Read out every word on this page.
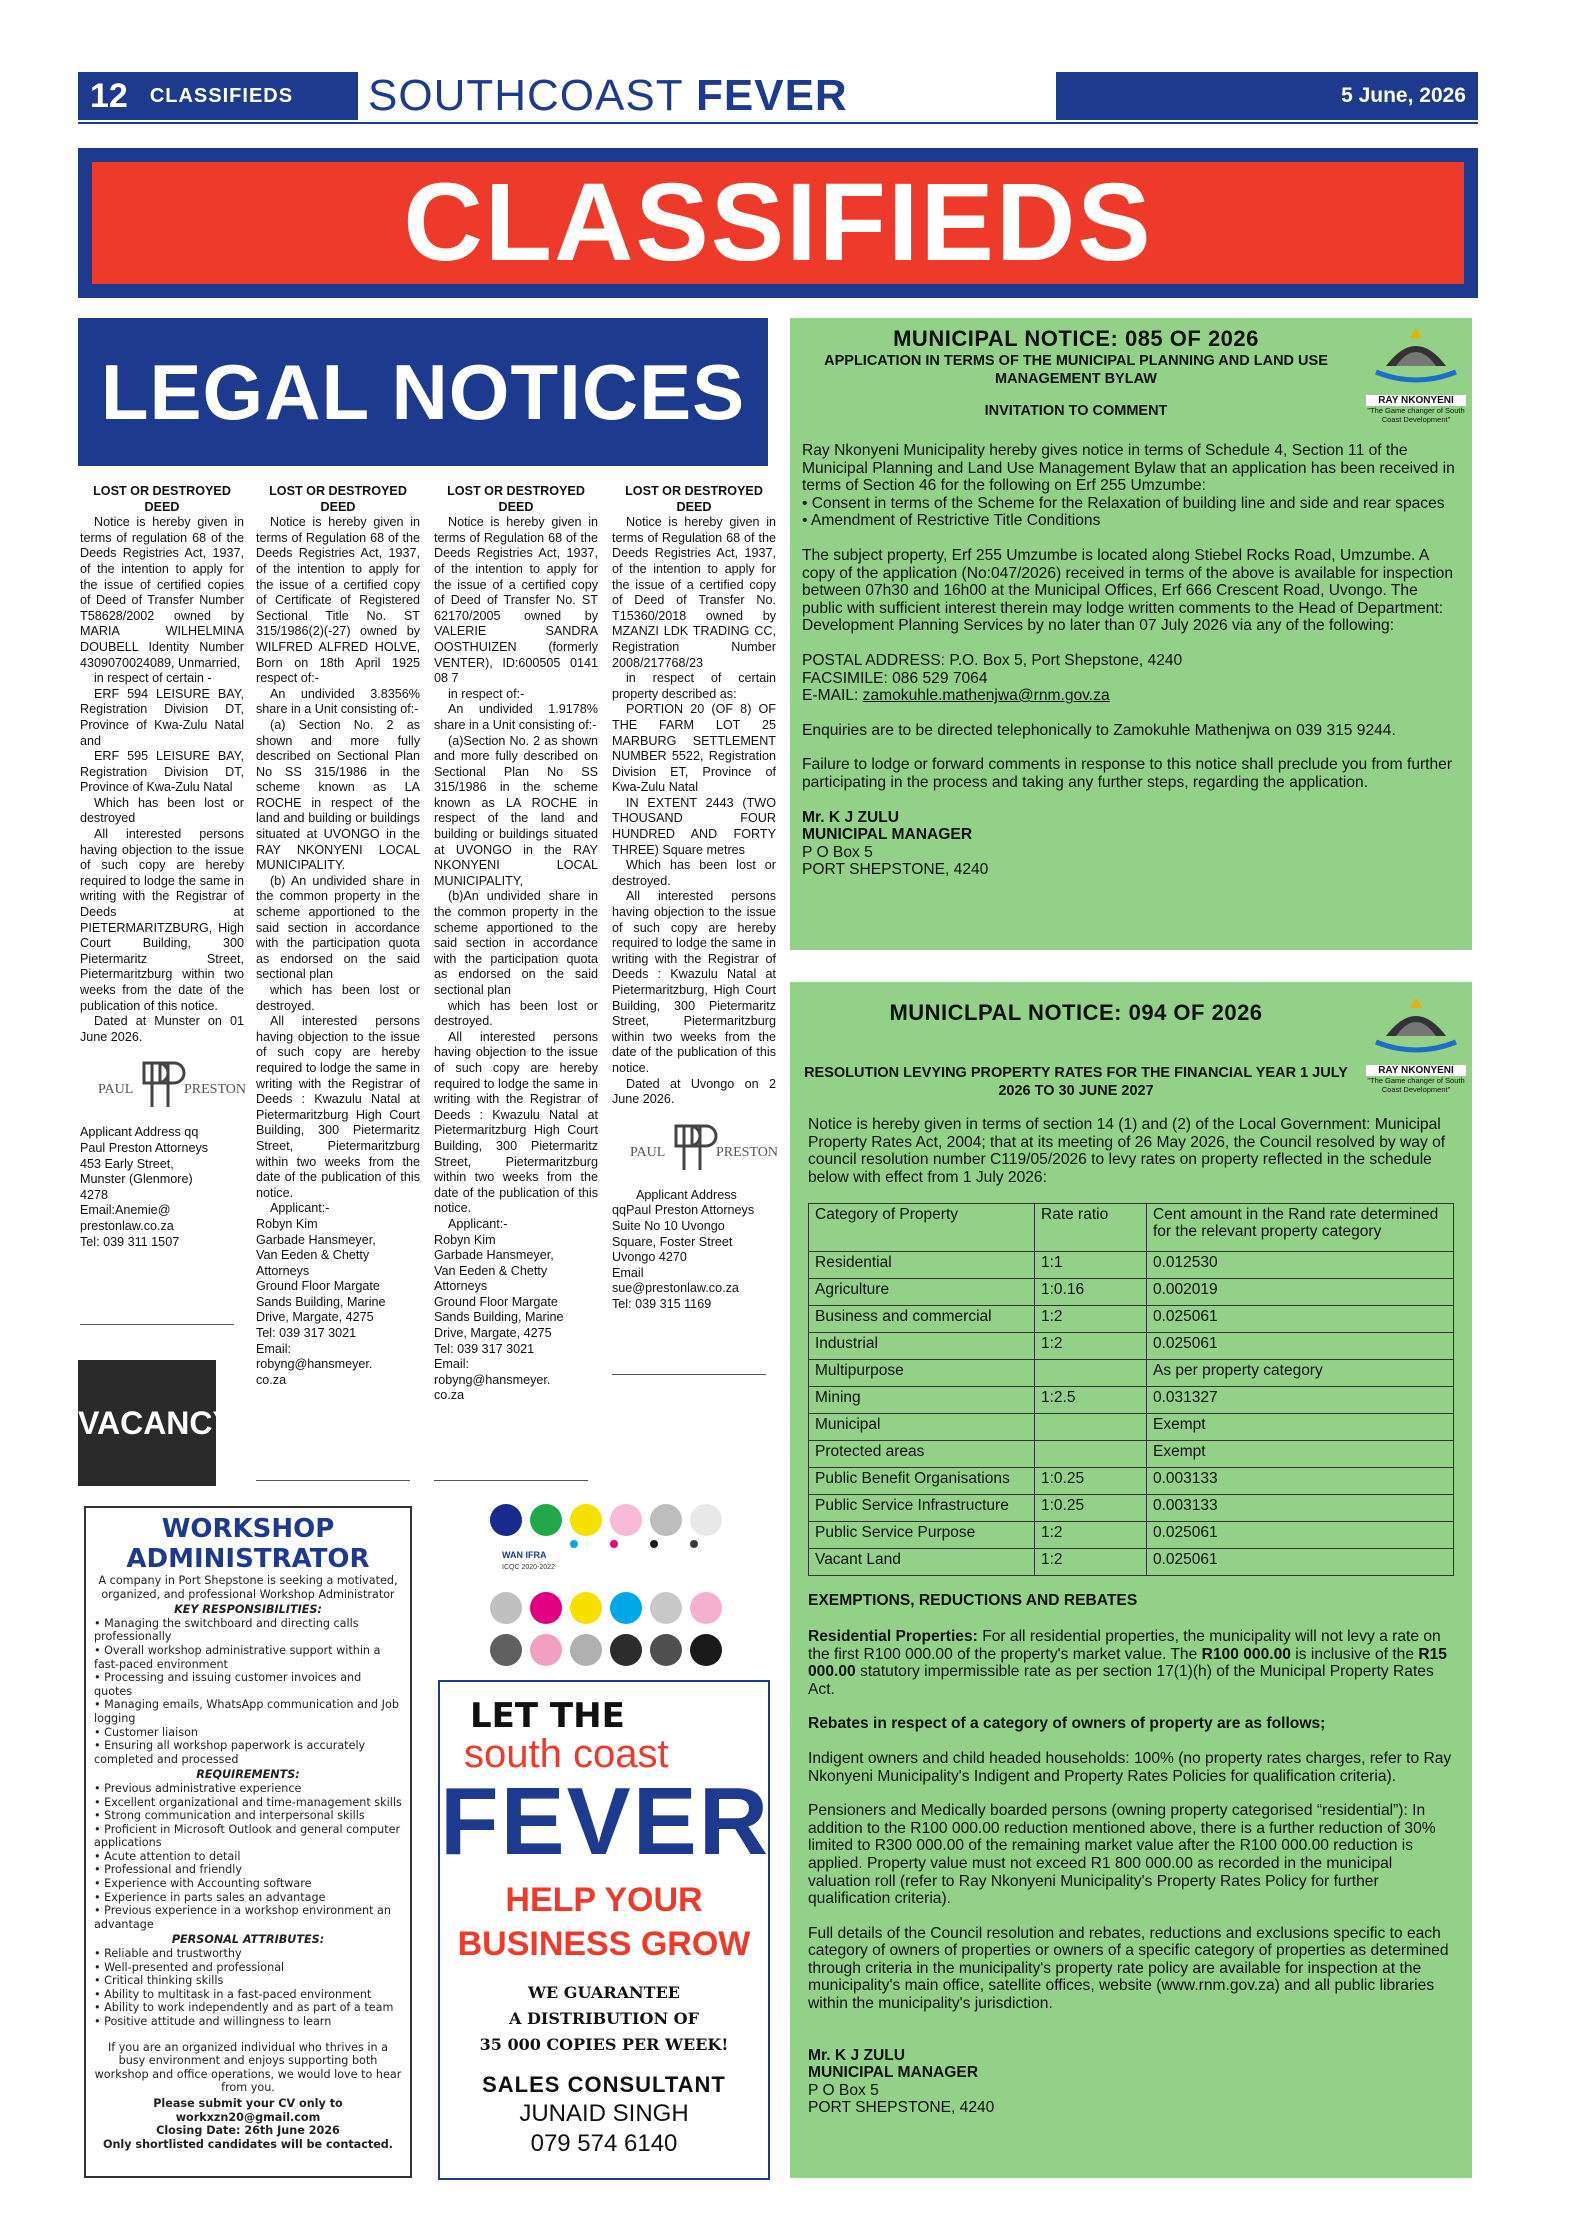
12 CLASSIFIEDS SOUTHCOAST FEVER	5 June, 2026
CLASSIFIEDS
LEGAL NOTICES
LOST OR DESTROYED DEED

Notice is hereby given in terms of regulation 68 of the Deeds Registries Act, 1937, of the intention to apply for the issue of certified copies of Deed of Transfer Number T58628/2002 owned by MARIA WILHELMINA DOUBELL Identity Number 4309070024089, Unmarried,

in respect of certain -

ERF 594 LEISURE BAY, Registration Division DT, Province of Kwa-Zulu Natal and

ERF 595 LEISURE BAY, Registration Division DT, Province of Kwa-Zulu Natal

Which has been lost or destroyed

All interested persons having objection to the issue of such copy are hereby required to lodge the same in writing with the Registrar of Deeds at PIETERMARITZBURG, High Court Building, 300 Pietermaritz Street, Pietermaritzburg within two weeks from the date of the publication of this notice.

Dated at Munster on 01 June 2026.

PAUL	PRESTON
Applicant Address qq
Paul Preston Attorneys
453 Early Street,
Munster (Glenmore)
4278
Email:Anemie@
prestonlaw.co.za
Tel: 039 311 1507
LOST OR DESTROYED DEED

Notice is hereby given in terms of Regulation 68 of the Deeds Registries Act, 1937, of the intention to apply for the issue of a certified copy of Certificate of Registered Sectional Title No. ST 315/1986(2)(-27) owned by WILFRED ALFRED HOLVE, Born on 18th April 1925 respect of:-

An undivided 3.8356% share in a Unit consisting of:-

(a) Section No. 2 as shown and more fully described on Sectional Plan No SS 315/1986 in the scheme known as LA ROCHE in respect of the land and building or buildings situated at UVONGO in the RAY NKONYENI LOCAL MUNICIPALITY.

(b) An undivided share in the common property in the scheme apportioned to the said section in accordance with the participation quota as endorsed on the said sectional plan

which has been lost or destroyed.

All interested persons having objection to the issue of such copy are hereby required to lodge the same in writing with the Registrar of Deeds : Kwazulu Natal at Pietermaritzburg High Court Building, 300 Pietermaritz Street, Pietermaritzburg within two weeks from the date of the publication of this notice.

Applicant:-
Robyn Kim
Garbade Hansmeyer,
Van Eeden & Chetty
Attorneys
Ground Floor Margate
Sands Building, Marine
Drive, Margate, 4275
Tel: 039 317 3021
Email:
robyng@hansmeyer.
co.za
LOST OR DESTROYED DEED

Notice is hereby given in terms of Regulation 68 of the Deeds Registries Act, 1937, of the intention to apply for the issue of a certified copy of Deed of Transfer No. ST 62170/2005 owned by VALERIE SANDRA OOSTHUIZEN (formerly VENTER), ID:600505 0141 08 7

in respect of:-

An undivided 1.9178% share in a Unit consisting of:-

(a)Section No. 2 as shown and more fully described on Sectional Plan No SS 315/1986 in the scheme known as LA ROCHE in respect of the land and building or buildings situated at UVONGO in the RAY NKONYENI LOCAL MUNICIPALITY,

(b)An undivided share in the common property in the scheme apportioned to the said section in accordance with the participation quota as endorsed on the said sectional plan

which has been lost or destroyed.

All interested persons having objection to the issue of such copy are hereby required to lodge the same in writing with the Registrar of Deeds : Kwazulu Natal at Pietermaritzburg High Court Building, 300 Pietermaritz Street, Pietermaritzburg within two weeks from the date of the publication of this notice.

Applicant:-
Robyn Kim
Garbade Hansmeyer,
Van Eeden & Chetty
Attorneys
Ground Floor Margate
Sands Building, Marine
Drive, Margate, 4275
Tel: 039 317 3021
Email:
robyng@hansmeyer.
co.za
LOST OR DESTROYED DEED

Notice is hereby given in terms of Regulation 68 of the Deeds Registries Act, 1937, of the intention to apply for the issue of a certified copy of Deed of Transfer No. T15360/2018 owned by MZANZI LDK TRADING CC, Registration Number 2008/217768/23

in respect of certain property described as:

PORTION 20 (OF 8) OF THE FARM LOT 25 MARBURG SETTLEMENT NUMBER 5522, Registration Division ET, Province of Kwa-Zulu Natal

IN EXTENT 2443 (TWO THOUSAND FOUR HUNDRED AND FORTY THREE) Square metres

Which has been lost or destroyed.

All interested persons having objection to the issue of such copy are hereby required to lodge the same in writing with the Registrar of Deeds : Kwazulu Natal at Pietermaritzburg, High Court Building, 300 Pietermaritz Street, Pietermaritzburg within two weeks from the date of the publication of this notice.

Dated at Uvongo on 2 June 2026.

PAUL	PRESTON
Applicant Address
qqPaul Preston Attorneys
Suite No 10 Uvongo
Square, Foster Street
Uvongo 4270
Email
sue@prestonlaw.co.za
Tel: 039 315 1169
MUNICIPAL NOTICE: 085 OF 2026
APPLICATION IN TERMS OF THE MUNICIPAL PLANNING AND LAND USE MANAGEMENT BYLAW
INVITATION TO COMMENT
RAY NKONYENI
"The Game changer of South Coast Development"
Ray Nkonyeni Municipality hereby gives notice in terms of Schedule 4, Section 11 of the Municipal Planning and Land Use Management Bylaw that an application has been received in terms of Section 46 for the following on Erf 255 Umzumbe:
• Consent in terms of the Scheme for the Relaxation of building line and side and rear spaces

• Amendment of Restrictive Title Conditions

The subject property, Erf 255 Umzumbe is located along Stiebel Rocks Road, Umzumbe. A copy of the application (No:047/2026) received in terms of the above is available for inspection between 07h30 and 16h00 at the Municipal Offices, Erf 666 Crescent Road, Uvongo. The public with sufficient interest therein may lodge written comments to the Head of Department: Development Planning Services by no later than 07 July 2026 via any of the following:

POSTAL ADDRESS: P.O. Box 5, Port Shepstone, 4240
FACSIMILE: 086 529 7064

E-MAIL: zamokuhle.mathenjwa@rnm.gov.za

Enquiries are to be directed telephonically to Zamokuhle Mathenjwa on 039 315 9244.

Failure to lodge or forward comments in response to this notice shall preclude you from further participating in the process and taking any further steps, regarding the application.

Mr. K J ZULU
MUNICIPAL MANAGER
P O Box 5
PORT SHEPSTONE, 4240
MUNICLPAL NOTICE: 094 OF 2026
RESOLUTION LEVYING PROPERTY RATES FOR THE FINANCIAL YEAR 1 JULY 2026 TO 30 JUNE 2027
RAY NKONYENI
"The Game changer of South Coast Development"

Notice is hereby given in terms of section 14 (1) and (2) of the Local Government: Municipal Property Rates Act, 2004; that at its meeting of 26 May 2026, the Council resolved by way of council resolution number C119/05/2026 to levy rates on property reflected in the schedule below with effect from 1 July 2026:

Category of Property	Rate ratio	Cent amount in the Rand rate determined for the relevant property category
Residential	1:1	0.012530
Agriculture	1:0.16	0.002019
Business and commercial	1:2	0.025061
Industrial	1:2	0.025061
Multipurpose		As per property category
Mining	1:2.5	0.031327
Municipal		Exempt
Protected areas		Exempt
Public Benefit Organisations	1:0.25	0.003133
Public Service Infrastructure	1:0.25	0.003133
Public Service Purpose	1:2	0.025061
Vacant Land	1:2	0.025061
EXEMPTIONS, REDUCTIONS AND REBATES

Residential Properties: For all residential properties, the municipality will not levy a rate on the first R100 000.00 of the property's market value. The R100 000.00 is inclusive of the R15 000.00 statutory impermissible rate as per section 17(1)(h) of the Municipal Property Rates Act.

Rebates in respect of a category of owners of property are as follows;

Indigent owners and child headed households: 100% (no property rates charges, refer to Ray Nkonyeni Municipality's Indigent and Property Rates Policies for qualification criteria).

Pensioners and Medically boarded persons (owning property categorised “residential”): In addition to the R100 000.00 reduction mentioned above, there is a further reduction of 30% limited to R300 000.00 of the remaining market value after the R100 000.00 reduction is applied. Property value must not exceed R1 800 000.00 as recorded in the municipal valuation roll (refer to Ray Nkonyeni Municipality's Property Rates Policy for further qualification criteria).

Full details of the Council resolution and rebates, reductions and exclusions specific to each category of owners of properties or owners of a specific category of properties as determined through criteria in the municipality's property rate policy are available for inspection at the municipality's main office, satellite offices, website (www.rnm.gov.za) and all public libraries within the municipality's jurisdiction.

Mr. K J ZULU
MUNICIPAL MANAGER
P O Box 5
PORT SHEPSTONE, 4240
VACANCY
WORKSHOP
ADMINISTRATOR
A company in Port Shepstone is seeking a motivated, organized, and professional Workshop Administrator
KEY RESPONSIBILITIES:
• Managing the switchboard and directing calls professionally
• Overall workshop administrative support within a fast-paced environment
• Processing and issuing customer invoices and quotes
• Managing emails, WhatsApp communication and Job logging
• Customer liaison
• Ensuring all workshop paperwork is accurately completed and processed
REQUIREMENTS:
• Previous administrative experience
• Excellent organizational and time-management skills
• Strong communication and interpersonal skills
• Proficient in Microsoft Outlook and general computer applications
• Acute attention to detail
• Professional and friendly
• Experience with Accounting software
• Experience in parts sales an advantage
• Previous experience in a workshop environment an advantage
PERSONAL ATTRIBUTES:
• Reliable and trustworthy
• Well-presented and professional
• Critical thinking skills
• Ability to multitask in a fast-paced environment
• Ability to work independently and as part of a team
• Positive attitude and willingness to learn
If you are an organized individual who thrives in a busy environment and enjoys supporting both workshop and office operations, we would love to hear from you.
Please submit your CV only to workxzn20@gmail.com
Closing Date: 26th June 2026
Only shortlisted candidates will be contacted.
WAN IFRA
ICQC 2020-2022
LET THE
south coast
FEVER
HELP YOUR
BUSINESS GROW
WE GUARANTEE
A DISTRIBUTION OF
35 000 COPIES PER WEEK!
SALES CONSULTANT
JUNAID SINGH
079 574 6140
